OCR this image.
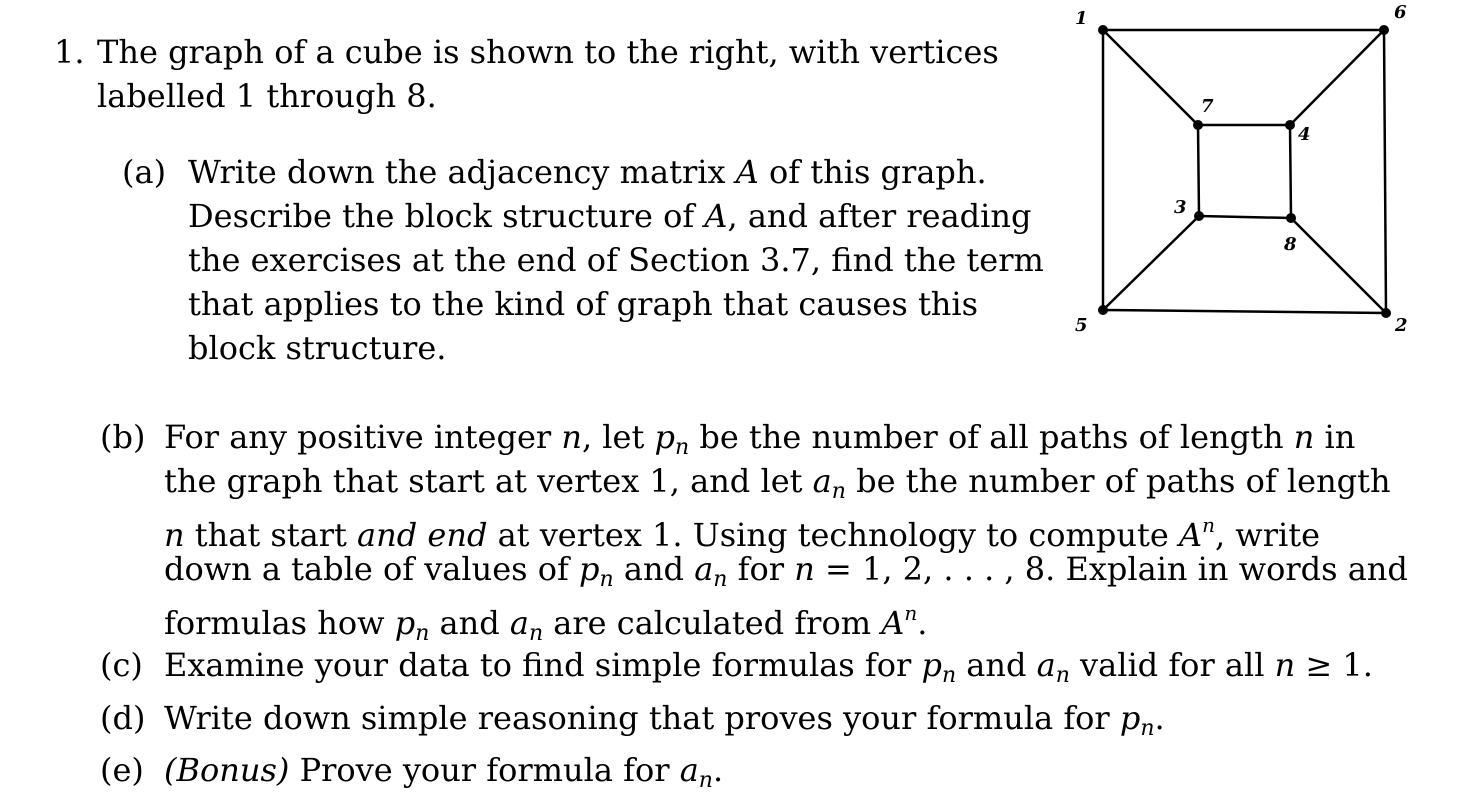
1. The graph of a cube is shown to the right, with vertices
labelled 1 through 8.
(a) Write down the adjacency matrix A of this graph.
Describe the block structure of A, and after reading
the exercises at the end of Section 3.7, find the term
that applies to the kind of graph that causes this
block structure.
(b) For any positive integer n, let $p_n$ be the number of all paths of length n in
the graph that start at vertex 1, and let $a_n$ be the number of paths of length
n that start and end at vertex 1. Using technology to compute $A^n$, write
down a table of values of $p_n$ and $a_n$ for n = 1, 2, . . . , 8. Explain in words and
formulas how $p_n$ and $a_n$ are calculated from $A^n$.
(c) Examine your data to find simple formulas for $p_n$ and $a_n$ valid for all n ≥ 1.
(d) Write down simple reasoning that proves your formula for $p_n$.
(e) (Bonus) Prove your formula for $a_n$.
1	6
2
5
7
4
8
3
